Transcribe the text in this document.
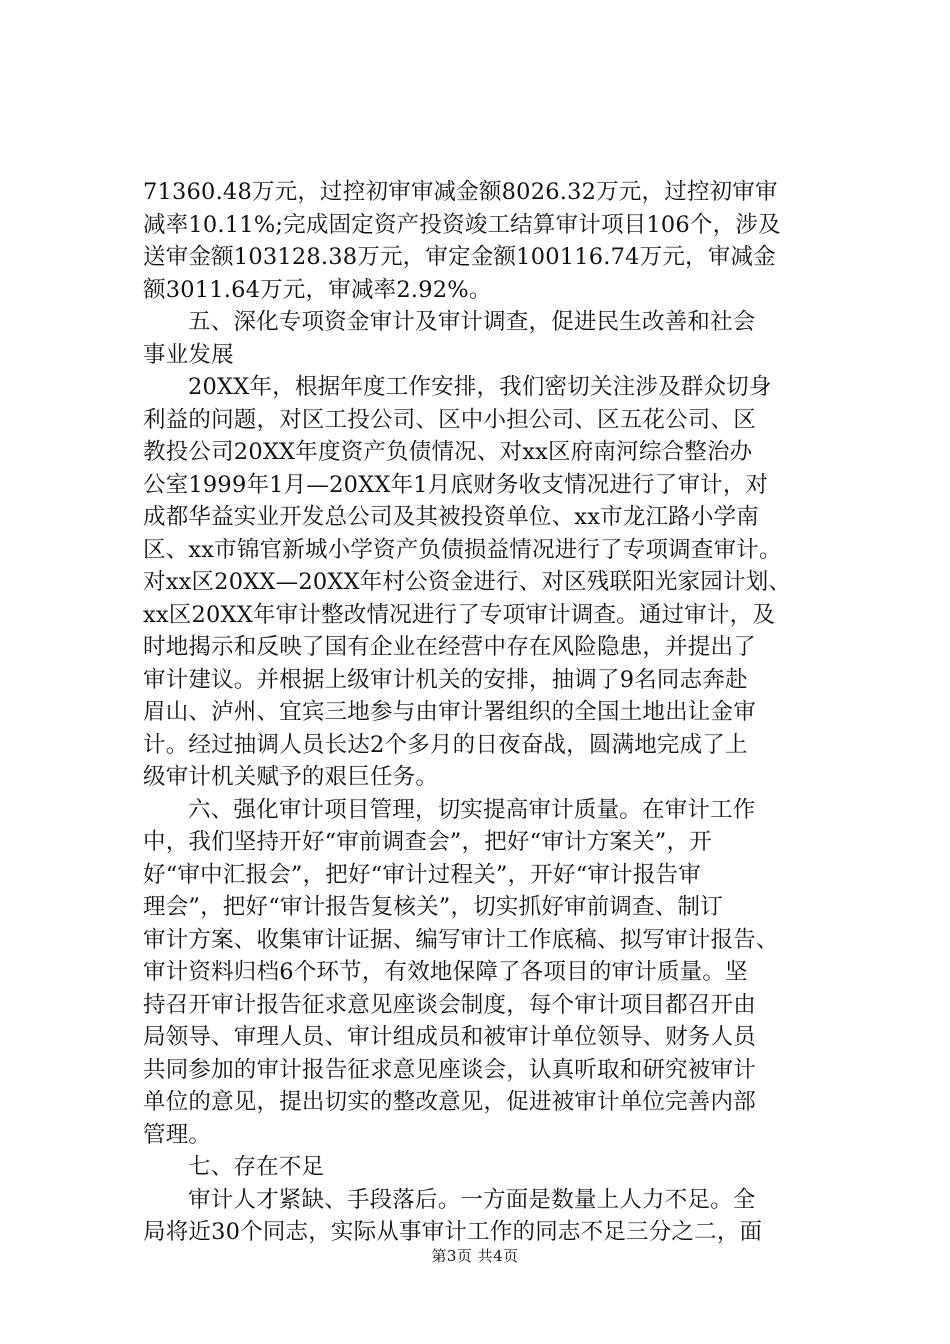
71360.48万元，过控初审审减金额8026.32万元，过控初审审
减率10.11%;完成固定资产投资竣工结算审计项目106个，涉及
送审金额103128.38万元，审定金额100116.74万元，审减金
额3011.64万元，审减率2.92%。
五、深化专项资金审计及审计调查，促进民生改善和社会
事业发展
20XX年，根据年度工作安排，我们密切关注涉及群众切身
利益的问题，对区工投公司、区中小担公司、区五花公司、区
教投公司20XX年度资产负债情况、对xx区府南河综合整治办
公室1999年1月—20XX年1月底财务收支情况进行了审计，对
成都华益实业开发总公司及其被投资单位、xx市龙江路小学南
区、xx市锦官新城小学资产负债损益情况进行了专项调查审计。
对xx区20XX—20XX年村公资金进行、对区残联阳光家园计划、
xx区20XX年审计整改情况进行了专项审计调查。通过审计，及
时地揭示和反映了国有企业在经营中存在风险隐患，并提出了
审计建议。并根据上级审计机关的安排，抽调了9名同志奔赴
眉山、泸州、宜宾三地参与由审计署组织的全国土地出让金审
计。经过抽调人员长达2个多月的日夜奋战，圆满地完成了上
级审计机关赋予的艰巨任务。
六、强化审计项目管理，切实提高审计质量。在审计工作
中，我们坚持开好“审前调查会”，把好“审计方案关”，开
好“审中汇报会”，把好“审计过程关”，开好“审计报告审
理会”，把好“审计报告复核关”，切实抓好审前调查、制订
审计方案、收集审计证据、编写审计工作底稿、拟写审计报告、
审计资料归档6个环节，有效地保障了各项目的审计质量。坚
持召开审计报告征求意见座谈会制度，每个审计项目都召开由
局领导、审理人员、审计组成员和被审计单位领导、财务人员
共同参加的审计报告征求意见座谈会，认真听取和研究被审计
单位的意见，提出切实的整改意见，促进被审计单位完善内部
管理。
七、存在不足
审计人才紧缺、手段落后。一方面是数量上人力不足。全
局将近30个同志，实际从事审计工作的同志不足三分之二，面
第3页 共4页
